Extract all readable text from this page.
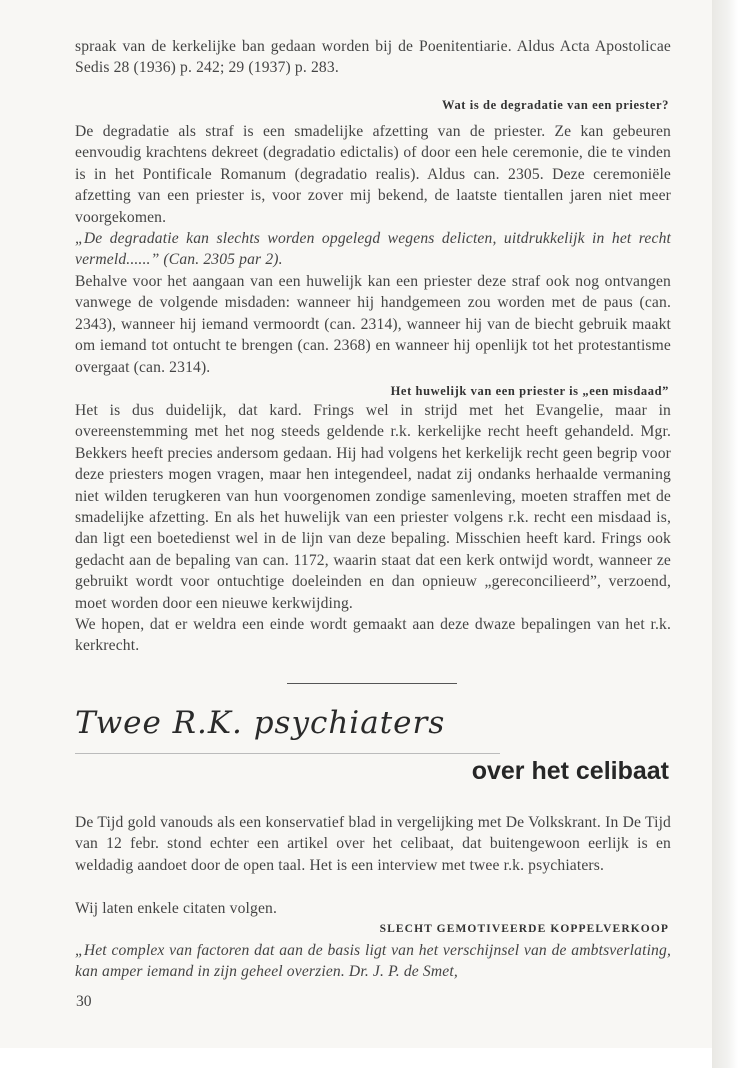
spraak van de kerkelijke ban gedaan worden bij de Poenitentiarie. Aldus Acta Apostolicae Sedis 28 (1936) p. 242; 29 (1937) p. 283.

Wat is de degradatie van een priester?

De degradatie als straf is een smadelijke afzetting van de priester. Ze kan gebeuren eenvoudig krachtens dekreet (degradatio edictalis) of door een hele ceremonie, die te vinden is in het Pontificale Romanum (degradatio realis). Aldus can. 2305. Deze ceremoniële afzetting van een priester is, voor zover mij bekend, de laatste tientallen jaren niet meer voorgekomen.

„De degradatie kan slechts worden opgelegd wegens delicten, uitdrukkelijk in het recht vermeld......” (Can. 2305 par 2).

Behalve voor het aangaan van een huwelijk kan een priester deze straf ook nog ontvangen vanwege de volgende misdaden: wanneer hij handgemeen zou worden met de paus (can. 2343), wanneer hij iemand vermoordt (can. 2314), wanneer hij van de biecht gebruik maakt om iemand tot ontucht te brengen (can. 2368) en wanneer hij openlijk tot het protestantisme overgaat (can. 2314).

Het huwelijk van een priester is „een misdaad”

Het is dus duidelijk, dat kard. Frings wel in strijd met het Evangelie, maar in overeenstemming met het nog steeds geldende r.k. kerkelijke recht heeft gehandeld. Mgr. Bekkers heeft precies andersom gedaan. Hij had volgens het kerkelijk recht geen begrip voor deze priesters mogen vragen, maar hen integendeel, nadat zij ondanks herhaalde vermaning niet wilden terugkeren van hun voorgenomen zondige samenleving, moeten straffen met de smadelijke afzetting. En als het huwelijk van een priester volgens r.k. recht een misdaad is, dan ligt een boetedienst wel in de lijn van deze bepaling. Misschien heeft kard. Frings ook gedacht aan de bepaling van can. 1172, waarin staat dat een kerk ontwijd wordt, wanneer ze gebruikt wordt voor ontuchtige doeleinden en dan opnieuw „gereconcilieerd”, verzoend, moet worden door een nieuwe kerkwijding.

We hopen, dat er weldra een einde wordt gemaakt aan deze dwaze bepalingen van het r.k. kerkrecht.

Twee R.K. psychiaters

over het celibaat

De Tijd gold vanouds als een konservatief blad in vergelijking met De Volkskrant. In De Tijd van 12 febr. stond echter een artikel over het celibaat, dat buitengewoon eerlijk is en weldadig aandoet door de open taal. Het is een interview met twee r.k. psychiaters.

Wij laten enkele citaten volgen.

SLECHT GEMOTIVEERDE KOPPELVERKOOP

„Het complex van factoren dat aan de basis ligt van het verschijnsel van de ambtsverlating, kan amper iemand in zijn geheel overzien. Dr. J. P. de Smet,

30
